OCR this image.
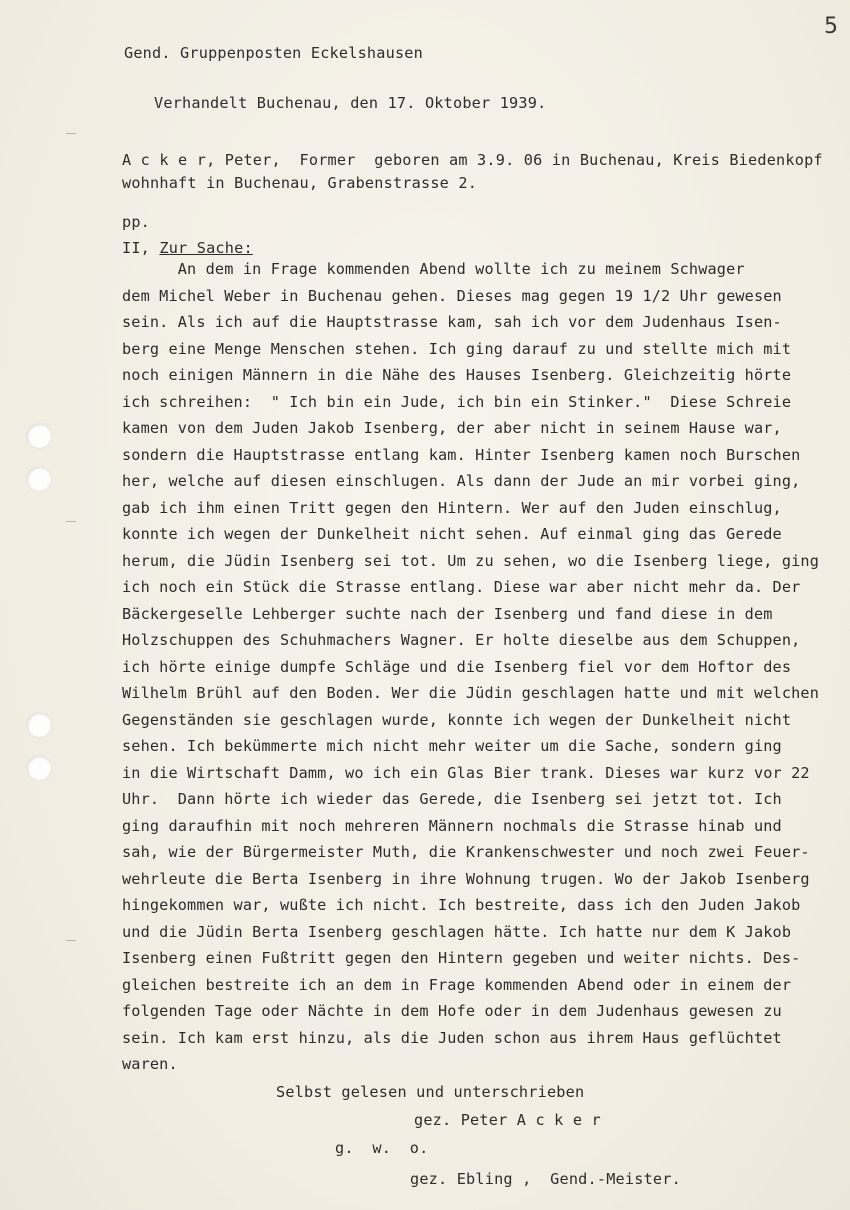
5
Gend. Gruppenposten Eckelshausen
Verhandelt Buchenau, den 17. Oktober 1939.
A c k e r, Peter,  Former  geboren am 3.9. 06 in Buchenau, Kreis Biedenkopf
wohnhaft in Buchenau, Grabenstrasse 2.
pp.
II, Zur Sache:
An dem in Frage kommenden Abend wollte ich zu meinem Schwager
dem Michel Weber in Buchenau gehen. Dieses mag gegen 19 1/2 Uhr gewesen
sein. Als ich auf die Hauptstrasse kam, sah ich vor dem Judenhaus Isen-
berg eine Menge Menschen stehen. Ich ging darauf zu und stellte mich mit
noch einigen Männern in die Nähe des Hauses Isenberg. Gleichzeitig hörte
ich schreihen:  " Ich bin ein Jude, ich bin ein Stinker."  Diese Schreie
kamen von dem Juden Jakob Isenberg, der aber nicht in seinem Hause war,
sondern die Hauptstrasse entlang kam. Hinter Isenberg kamen noch Burschen
her, welche auf diesen einschlugen. Als dann der Jude an mir vorbei ging,
gab ich ihm einen Tritt gegen den Hintern. Wer auf den Juden einschlug,
konnte ich wegen der Dunkelheit nicht sehen. Auf einmal ging das Gerede
herum, die Jüdin Isenberg sei tot. Um zu sehen, wo die Isenberg liege, ging
ich noch ein Stück die Strasse entlang. Diese war aber nicht mehr da. Der
Bäckergeselle Lehberger suchte nach der Isenberg und fand diese in dem
Holzschuppen des Schuhmachers Wagner. Er holte dieselbe aus dem Schuppen,
ich hörte einige dumpfe Schläge und die Isenberg fiel vor dem Hoftor des
Wilhelm Brühl auf den Boden. Wer die Jüdin geschlagen hatte und mit welchen
Gegenständen sie geschlagen wurde, konnte ich wegen der Dunkelheit nicht
sehen. Ich bekümmerte mich nicht mehr weiter um die Sache, sondern ging
in die Wirtschaft Damm, wo ich ein Glas Bier trank. Dieses war kurz vor 22
Uhr.  Dann hörte ich wieder das Gerede, die Isenberg sei jetzt tot. Ich
ging daraufhin mit noch mehreren Männern nochmals die Strasse hinab und
sah, wie der Bürgermeister Muth, die Krankenschwester und noch zwei Feuer-
wehrleute die Berta Isenberg in ihre Wohnung trugen. Wo der Jakob Isenberg
hingekommen war, wußte ich nicht. Ich bestreite, dass ich den Juden Jakob
und die Jüdin Berta Isenberg geschlagen hätte. Ich hatte nur dem K Jakob
Isenberg einen Fußtritt gegen den Hintern gegeben und weiter nichts. Des-
gleichen bestreite ich an dem in Frage kommenden Abend oder in einem der
folgenden Tage oder Nächte in dem Hofe oder in dem Judenhaus gewesen zu
sein. Ich kam erst hinzu, als die Juden schon aus ihrem Haus geflüchtet
waren.
Selbst gelesen und unterschrieben
gez. Peter A c k e r
g.  w.  o.
gez. Ebling ,  Gend.-Meister.
